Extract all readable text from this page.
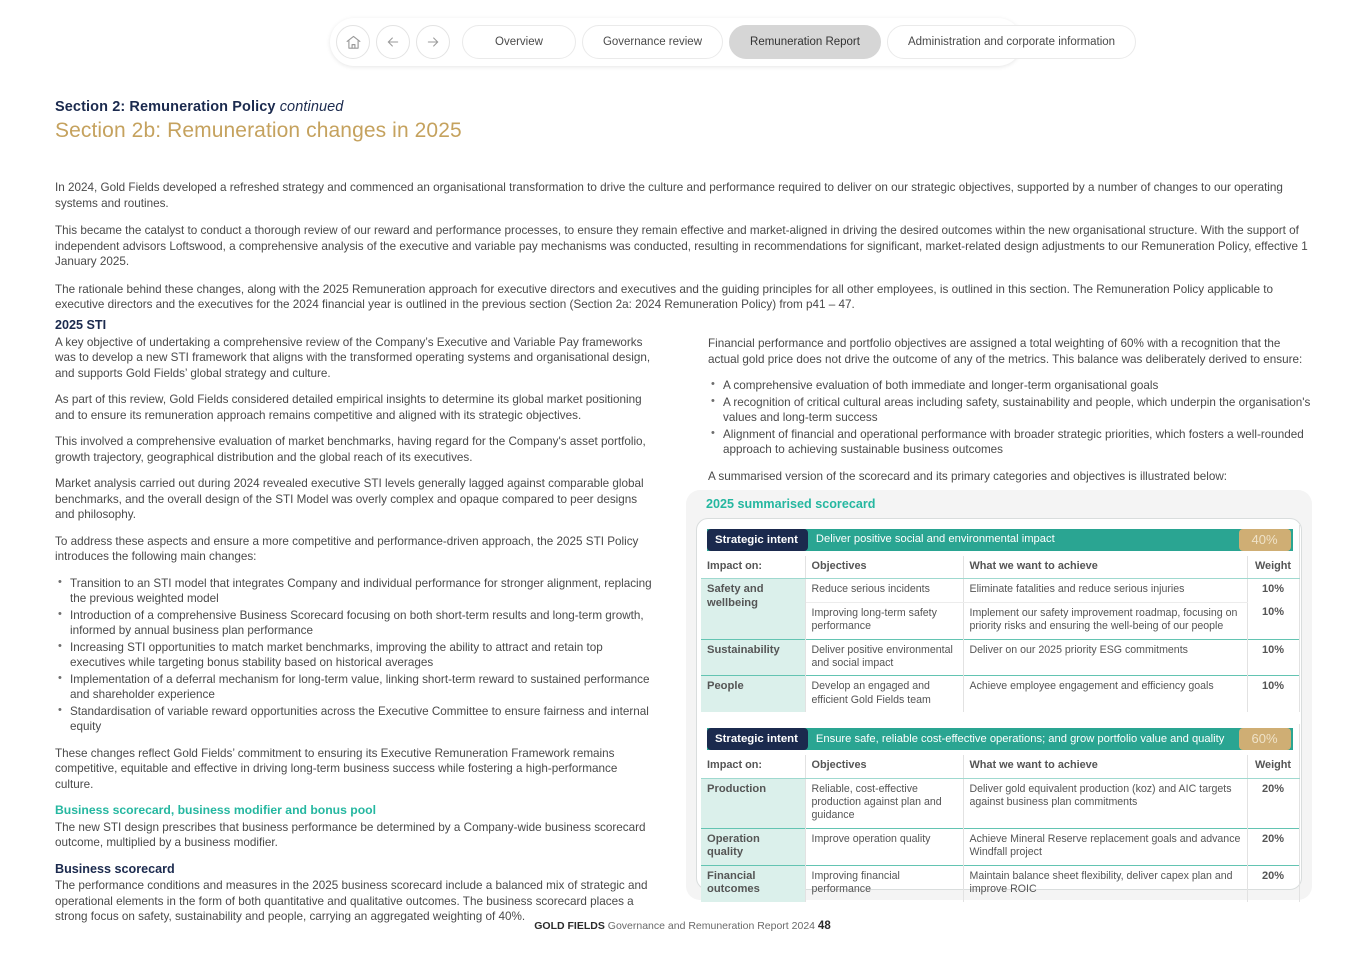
Overview	Governance review	Remuneration Report	Administration and corporate information
Section 2: Remuneration Policy continued
Section 2b: Remuneration changes in 2025

In 2024, Gold Fields developed a refreshed strategy and commenced an organisational transformation to drive the culture and performance required to deliver on our strategic objectives, supported by a number of changes to our operating systems and routines.

This became the catalyst to conduct a thorough review of our reward and performance processes, to ensure they remain effective and market-aligned in driving the desired outcomes within the new organisational structure. With the support of independent advisors Loftswood, a comprehensive analysis of the executive and variable pay mechanisms was conducted, resulting in recommendations for significant, market-related design adjustments to our Remuneration Policy, effective 1 January 2025.

The rationale behind these changes, along with the 2025 Remuneration approach for executive directors and executives and the guiding principles for all other employees, is outlined in this section. The Remuneration Policy applicable to executive directors and the executives for the 2024 financial year is outlined in the previous section (Section 2a: 2024 Remuneration Policy) from p41 – 47.

2025 STI

A key objective of undertaking a comprehensive review of the Company’s Executive and Variable Pay frameworks was to develop a new STI framework that aligns with the transformed operating systems and organisational design, and supports Gold Fields’ global strategy and culture.

As part of this review, Gold Fields considered detailed empirical insights to determine its global market positioning and to ensure its remuneration approach remains competitive and aligned with its strategic objectives.

This involved a comprehensive evaluation of market benchmarks, having regard for the Company's asset portfolio, growth trajectory, geographical distribution and the global reach of its executives.

Market analysis carried out during 2024 revealed executive STI levels generally lagged against comparable global benchmarks, and the overall design of the STI Model was overly complex and opaque compared to peer designs and philosophy.

To address these aspects and ensure a more competitive and performance-driven approach, the 2025 STI Policy introduces the following main changes:

• Transition to an STI model that integrates Company and individual performance for stronger alignment, replacing the previous weighted model
• Introduction of a comprehensive Business Scorecard focusing on both short-term results and long-term growth, informed by annual business plan performance
• Increasing STI opportunities to match market benchmarks, improving the ability to attract and retain top executives while targeting bonus stability based on historical averages
• Implementation of a deferral mechanism for long-term value, linking short-term reward to sustained performance and shareholder experience
• Standardisation of variable reward opportunities across the Executive Committee to ensure fairness and internal equity

These changes reflect Gold Fields’ commitment to ensuring its Executive Remuneration Framework remains competitive, equitable and effective in driving long-term business success while fostering a high-performance culture.

Business scorecard, business modifier and bonus pool

The new STI design prescribes that business performance be determined by a Company-wide business scorecard outcome, multiplied by a business modifier.

Business scorecard

The performance conditions and measures in the 2025 business scorecard include a balanced mix of strategic and operational elements in the form of both quantitative and qualitative outcomes. The business scorecard places a strong focus on safety, sustainability and people, carrying an aggregated weighting of 40%.

Financial performance and portfolio objectives are assigned a total weighting of 60% with a recognition that the actual gold price does not drive the outcome of any of the metrics. This balance was deliberately derived to ensure:

• A comprehensive evaluation of both immediate and longer-term organisational goals
• A recognition of critical cultural areas including safety, sustainability and people, which underpin the organisation's values and long-term success
• Alignment of financial and operational performance with broader strategic priorities, which fosters a well-rounded approach to achieving sustainable business outcomes

A summarised version of the scorecard and its primary categories and objectives is illustrated below:

2025 summarised scorecard
Strategic intent Deliver positive social and environmental impact 40%			

Impact on:	Objectives	What we want to achieve	Weight
Safety and wellbeing	Reduce serious incidents	Eliminate fatalities and reduce serious injuries	10%
	Improving long-term safety performance	Implement our safety improvement roadmap, focusing on priority risks and ensuring the well-being of our people	10%
Sustainability	Deliver positive environmental and social impact	Deliver on our 2025 priority ESG commitments	10%
People	Develop an engaged and efficient Gold Fields team	Achieve employee engagement and efficiency goals	10%
Strategic intent Ensure safe, reliable cost-effective operations; and grow portfolio value and quality 60%			

Impact on:	Objectives	What we want to achieve	Weight
Production	Reliable, cost-effective production against plan and guidance	Deliver gold equivalent production (koz) and AIC targets against business plan commitments	20%
Operation quality	Improve operation quality	Achieve Mineral Reserve replacement goals and advance Windfall project	20%
Financial outcomes	Improving financial performance	Maintain balance sheet flexibility, deliver capex plan and improve ROIC	20%
GOLD FIELDS Governance and Remuneration Report 2024 48
